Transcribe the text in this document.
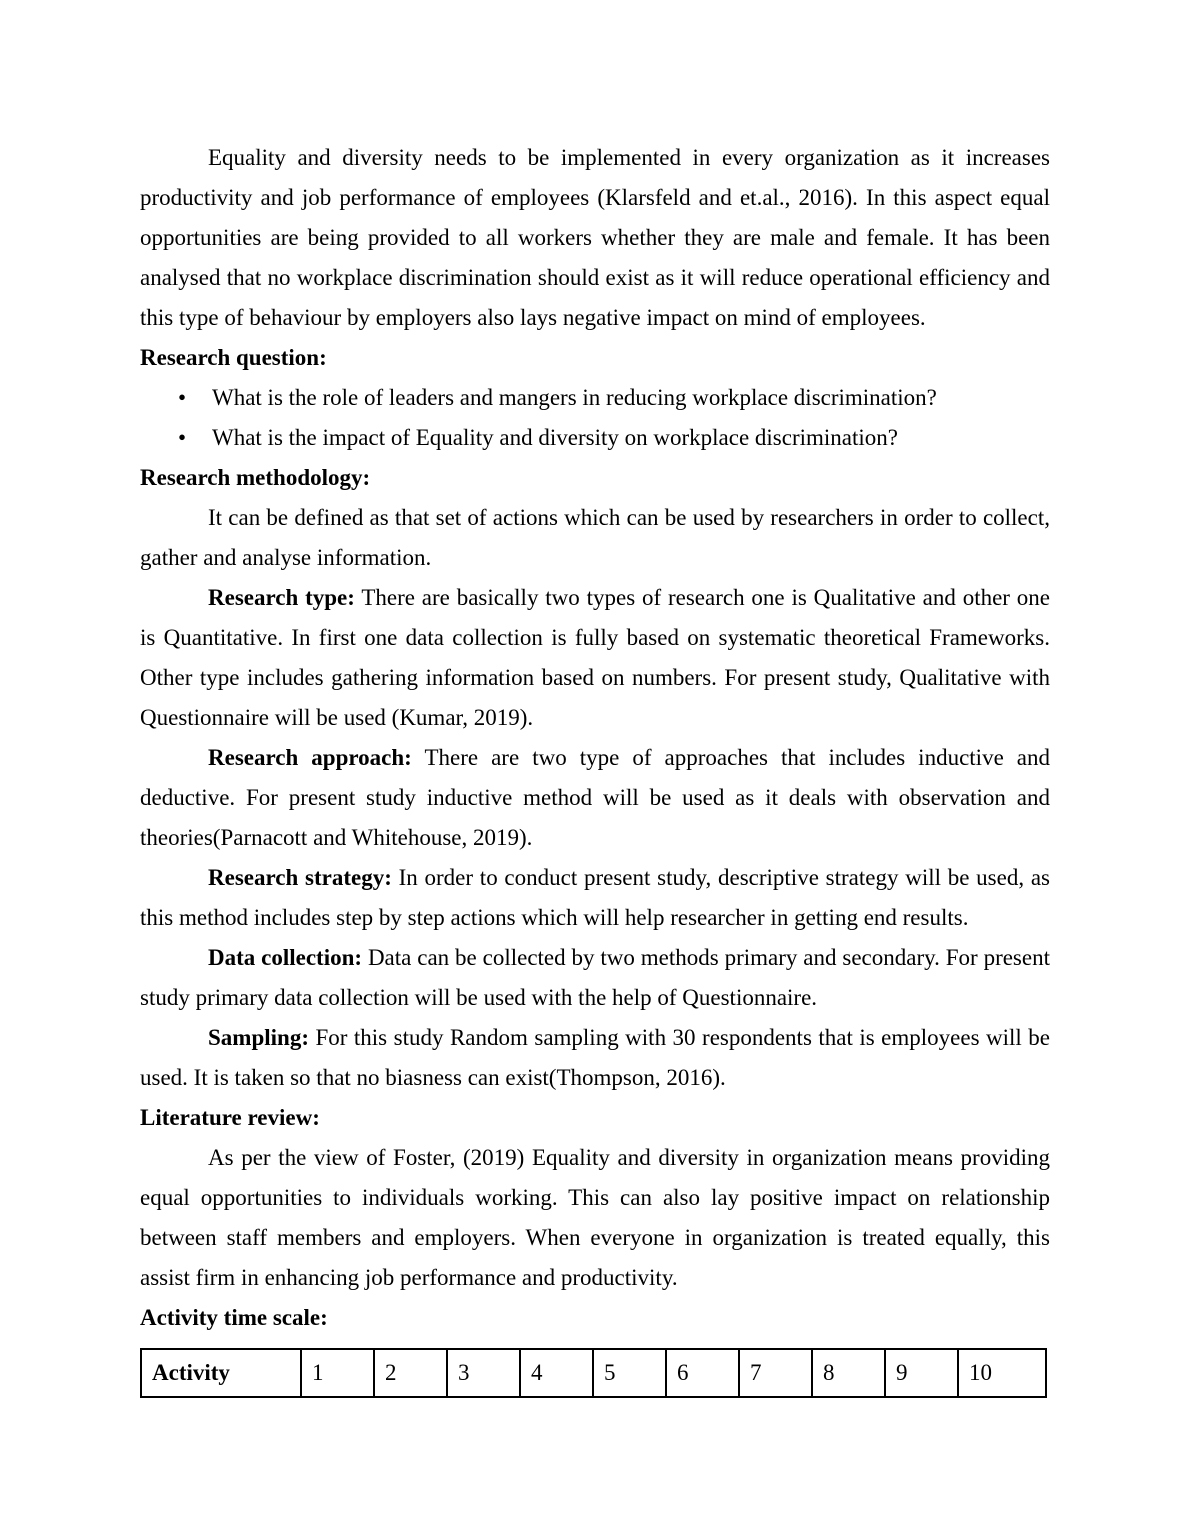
Equality and diversity needs to be implemented in every organization as it increases productivity and job performance of employees (Klarsfeld and et.al., 2016). In this aspect equal opportunities are being provided to all workers whether they are male and female. It has been analysed that no workplace discrimination should exist as it will reduce operational efficiency and this type of behaviour by employers also lays negative impact on mind of employees.

Research question:

• What is the role of leaders and mangers in reducing workplace discrimination?
• What is the impact of Equality and diversity on workplace discrimination?

Research methodology:

It can be defined as that set of actions which can be used by researchers in order to collect, gather and analyse information.

Research type: There are basically two types of research one is Qualitative and other one is Quantitative. In first one data collection is fully based on systematic theoretical Frameworks. Other type includes gathering information based on numbers. For present study, Qualitative with Questionnaire will be used (Kumar, 2019).

Research approach: There are two type of approaches that includes inductive and deductive. For present study inductive method will be used as it deals with observation and theories(Parnacott and Whitehouse, 2019).

Research strategy: In order to conduct present study, descriptive strategy will be used, as this method includes step by step actions which will help researcher in getting end results.

Data collection: Data can be collected by two methods primary and secondary. For present study primary data collection will be used with the help of Questionnaire.

Sampling: For this study Random sampling with 30 respondents that is employees will be used. It is taken so that no biasness can exist(Thompson, 2016).

Literature review:

As per the view of Foster, (2019) Equality and diversity in organization means providing equal opportunities to individuals working. This can also lay positive impact on relationship between staff members and employers. When everyone in organization is treated equally, this assist firm in enhancing job performance and productivity.

Activity time scale:

Activity	1	2	3	4	5	6	7	8	9	10
